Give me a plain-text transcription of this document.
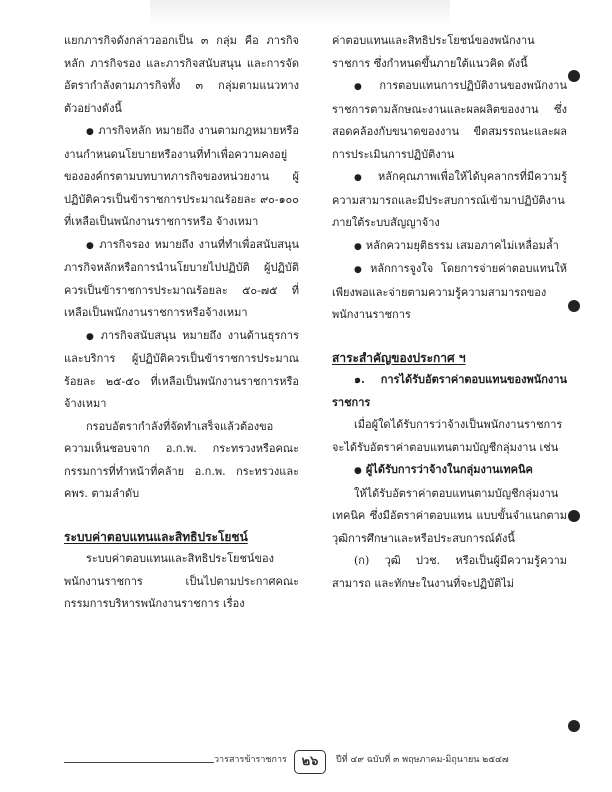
แยกภารกิจดังกล่าวออกเป็น ๓ กลุ่ม คือ ภารกิจหลัก ภารกิจรอง และภารกิจสนับสนุน และการจัดอัตรากำลังตามภารกิจทั้ง ๓ กลุ่มตามแนวทางตัวอย่างดังนี้

● ภารกิจหลัก หมายถึง งานตามกฎหมายหรืองานกำหนดนโยบายหรืองานที่ทำเพื่อความคงอยู่ขององค์กรตามบทบาทภารกิจของหน่วยงาน ผู้ปฏิบัติควรเป็นข้าราชการประมาณร้อยละ ๙๐-๑๐๐ ที่เหลือเป็นพนักงานราชการหรือ จ้างเหมา

● ภารกิจรอง หมายถึง งานที่ทำเพื่อสนับสนุนภารกิจหลักหรือการนำนโยบายไปปฏิบัติ ผู้ปฏิบัติควรเป็นข้าราชการประมาณร้อยละ ๕๐-๗๕ ที่เหลือเป็นพนักงานราชการหรือจ้างเหมา

● ภารกิจสนับสนุน หมายถึง งานด้านธุรการและบริการ ผู้ปฏิบัติควรเป็นข้าราชการประมาณร้อยละ ๒๕-๕๐ ที่เหลือเป็นพนักงานราชการหรือจ้างเหมา

กรอบอัตรากำลังที่จัดทำเสร็จแล้วต้องขอความเห็นชอบจาก อ.ก.พ. กระทรวงหรือคณะกรรมการที่ทำหน้าที่คล้าย อ.ก.พ. กระทรวงและ คพร. ตามลำดับ

ระบบค่าตอบแทนและสิทธิประโยชน์

ระบบค่าตอบแทนและสิทธิประโยชน์ของพนักงานราชการ เป็นไปตามประกาศคณะกรรมการบริหารพนักงานราชการ เรื่อง

ค่าตอบแทนและสิทธิประโยชน์ของพนักงานราชการ ซึ่งกำหนดขึ้นภายใต้แนวคิด ดังนี้

● การตอบแทนการปฏิบัติงานของพนักงานราชการตามลักษณะงานและผลผลิตของงาน ซึ่งสอดคล้องกับขนาดของงาน ขีดสมรรถนะและผลการประเมินการปฏิบัติงาน

● หลักคุณภาพเพื่อให้ได้บุคลากรที่มีความรู้ความสามารถและมีประสบการณ์เข้ามาปฏิบัติงานภายใต้ระบบสัญญาจ้าง

● หลักความยุติธรรม เสมอภาคไม่เหลื่อมล้ำ

● หลักการจูงใจ โดยการจ่ายค่าตอบแทนให้เพียงพอและจ่ายตามความรู้ความสามารถของพนักงานราชการ

สาระสำคัญของประกาศ ฯ

๑. การได้รับอัตราค่าตอบแทนของพนักงานราชการ

เมื่อผู้ใดได้รับการว่าจ้างเป็นพนักงานราชการ จะได้รับอัตราค่าตอบแทนตามบัญชีกลุ่มงาน เช่น

● ผู้ได้รับการว่าจ้างในกลุ่มงานเทคนิค

ให้ได้รับอัตราค่าตอบแทนตามบัญชีกลุ่มงานเทคนิค ซึ่งมีอัตราค่าตอบแทน แบบขั้นจำแนกตามวุฒิการศึกษาและหรือประสบการณ์ดังนี้

(ก) วุฒิ ปวช. หรือเป็นผู้มีความรู้ความสามารถ และทักษะในงานที่จะปฏิบัติไม่

วารสารข้าราชการ	๒๖	ปีที่ ๔๙ ฉบับที่ ๓ พฤษภาคม-มิถุนายน ๒๕๔๗
